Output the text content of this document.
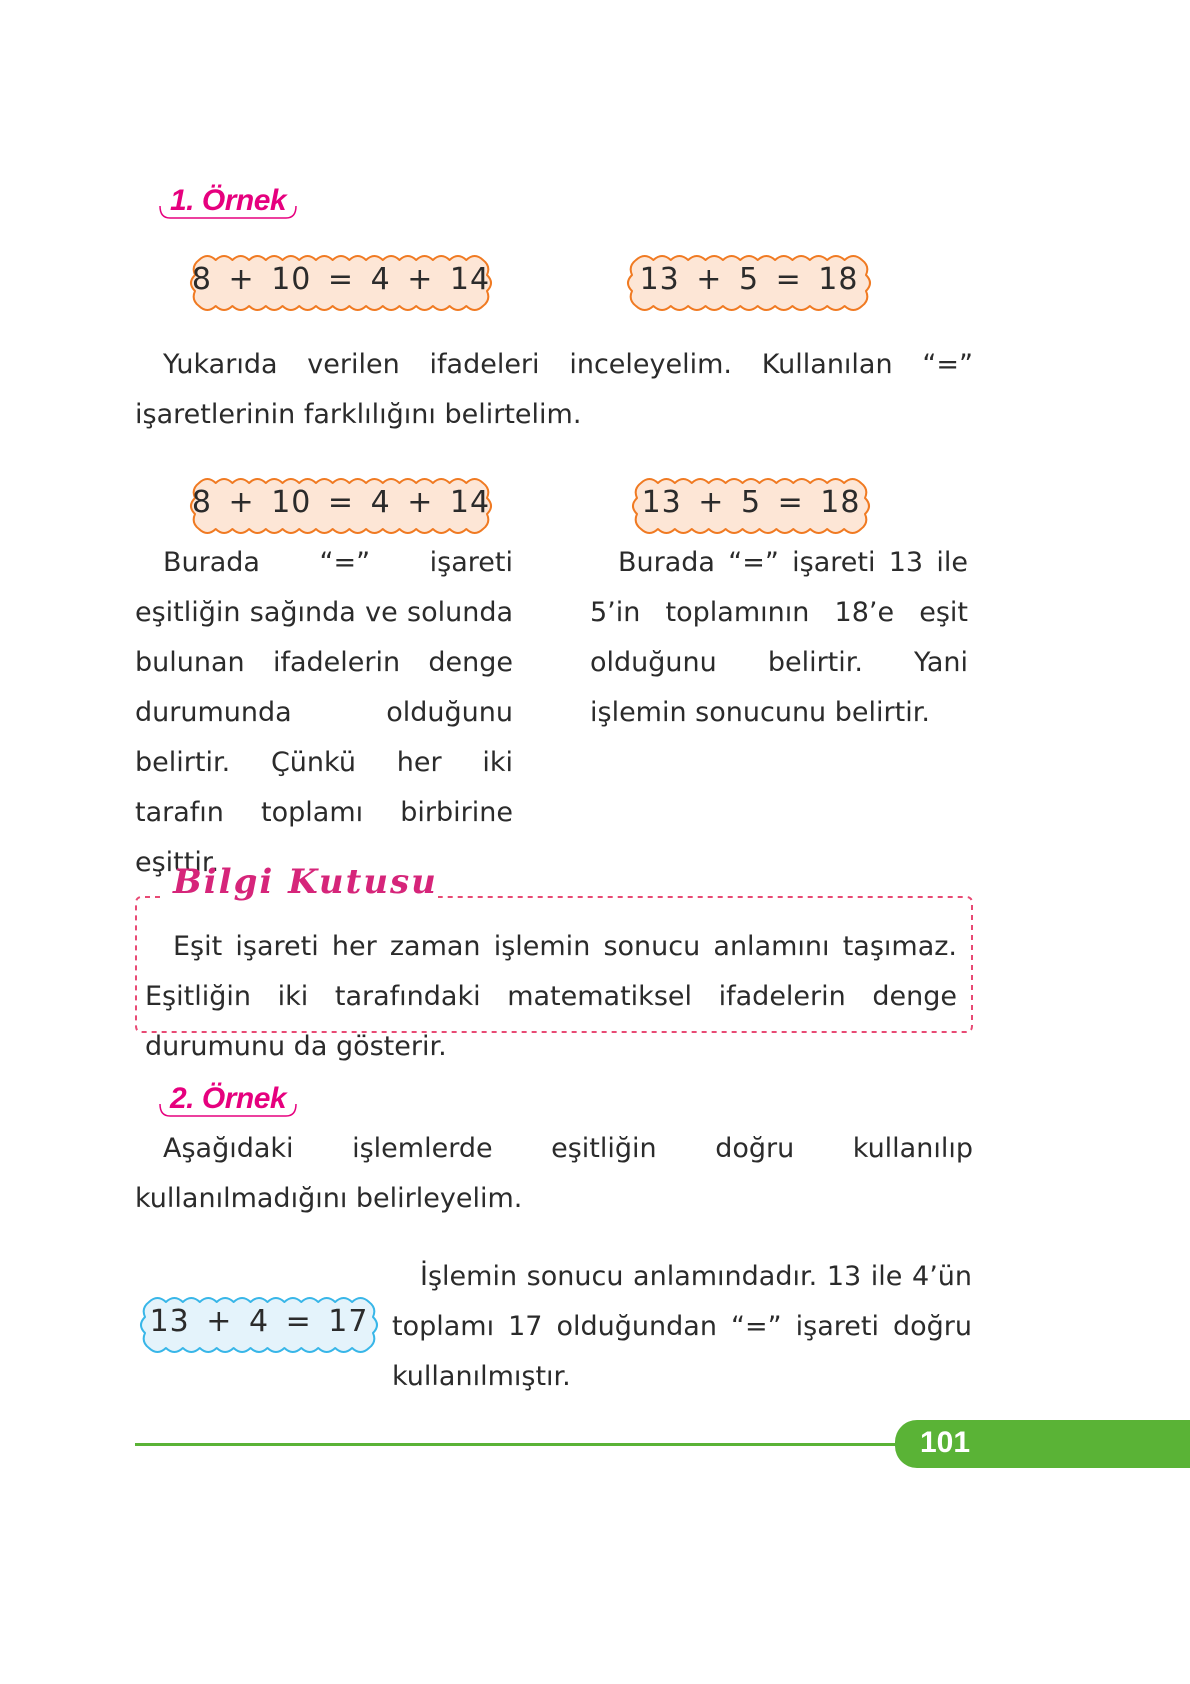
1. Örnek
8 + 10 = 4 + 14	13 + 5 = 18
Yukarıda verilen ifadeleri inceleyelim. Kullanılan “=” işaretlerinin farklılığını belirtelim.
8 + 10 = 4 + 14	13 + 5 = 18
Burada “=” işareti eşitliğin sağında ve solunda bulunan ifadelerin denge durumunda olduğunu belirtir. Çünkü her iki tarafın toplamı birbirine eşittir.
Burada “=” işareti 13 ile 5’in toplamının 18’e eşit olduğunu belirtir. Yani işlemin sonucunu belirtir.
Bilgi Kutusu
Eşit işareti her zaman işlemin sonucu anlamını taşımaz. Eşitliğin iki tarafındaki matematiksel ifadelerin denge durumunu da gösterir.
2. Örnek
Aşağıdaki işlemlerde eşitliğin doğru kullanılıp kullanılmadığını belirleyelim.
13 + 4 = 17
İşlemin sonucu anlamındadır. 13 ile 4’ün toplamı 17 olduğundan “=” işareti doğru kullanılmıştır.
101
